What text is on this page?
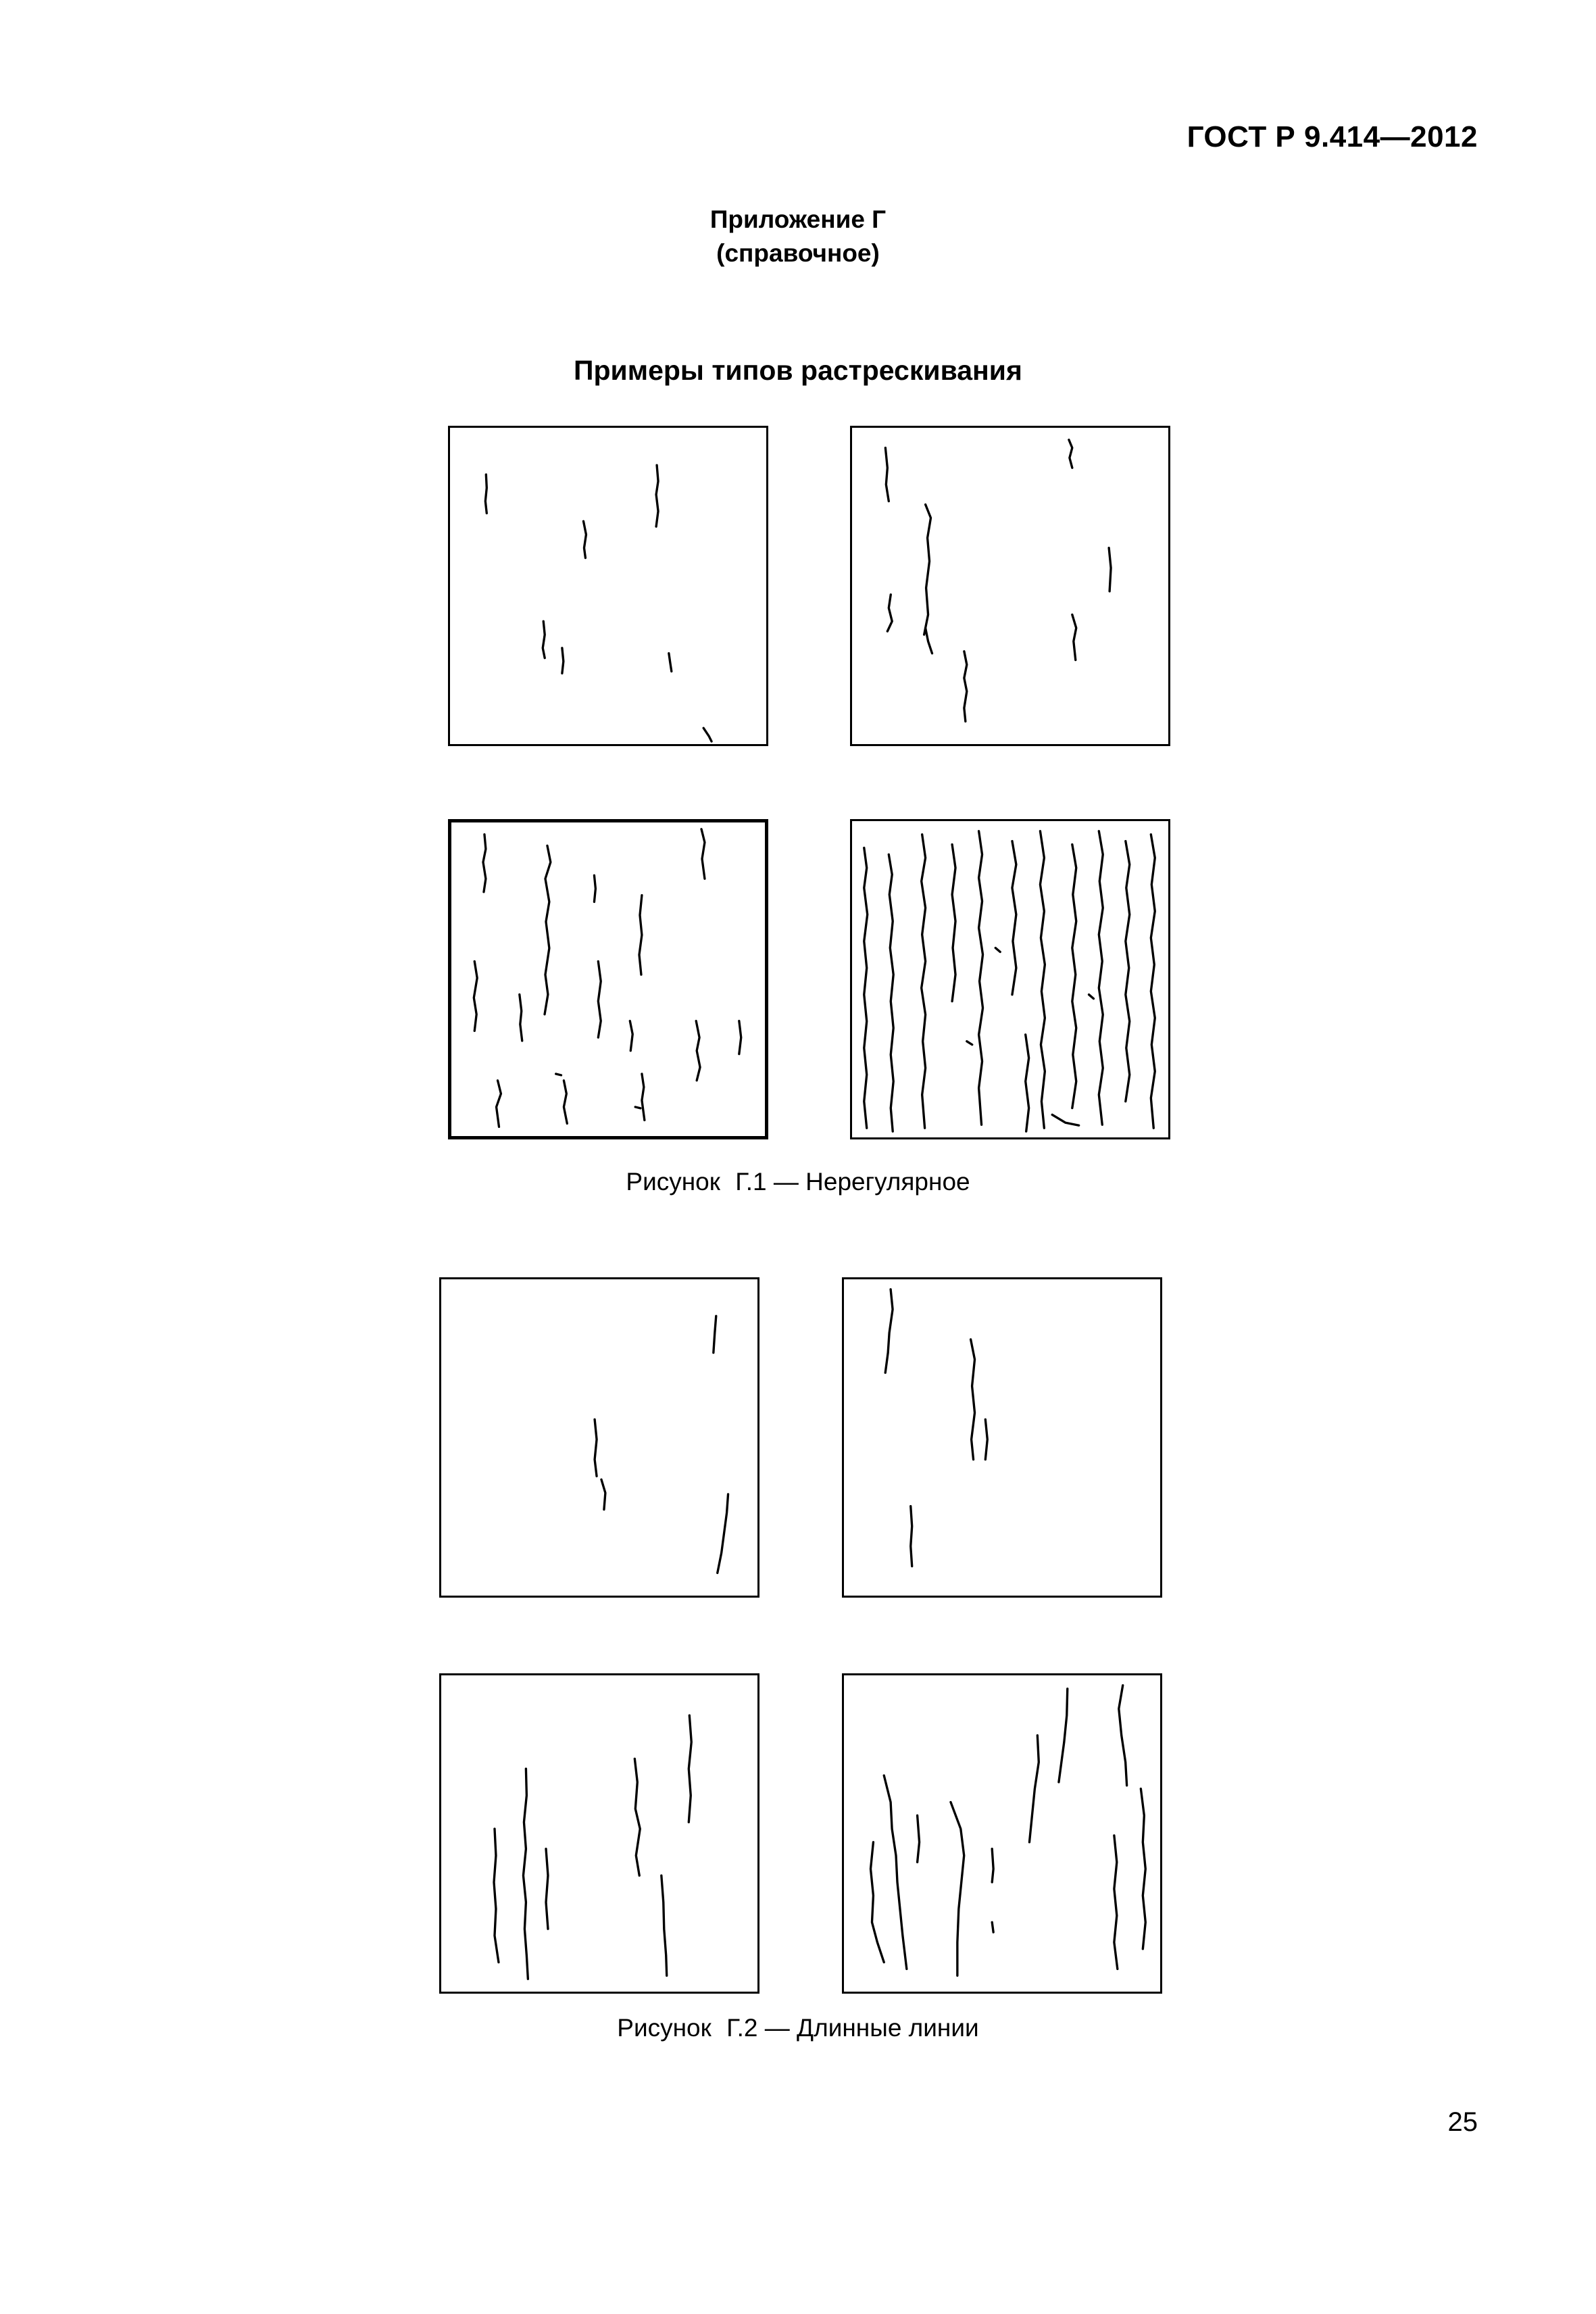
ГОСТ Р 9.414—2012
Приложение Г
(справочное)
Примеры типов растрескивания
Рисунок Г.1 — Нерегулярное
Рисунок Г.2 — Длинные линии
25
